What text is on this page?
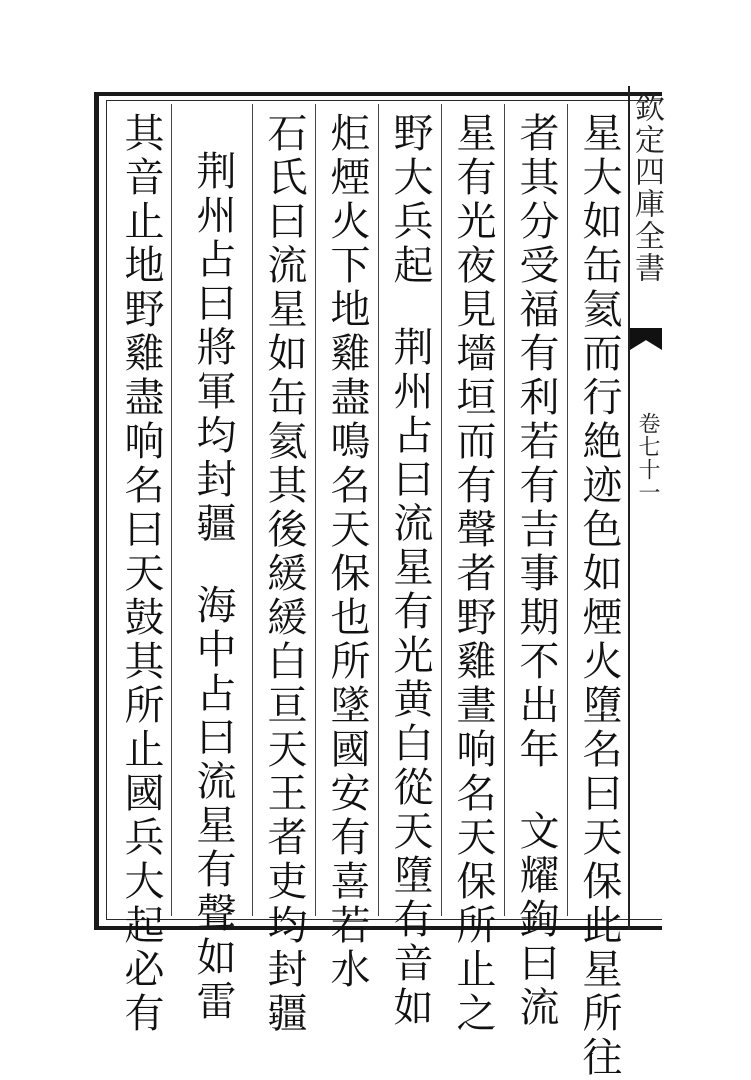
欽定四庫全書
卷七十一
星大如缶氦而行絶迹色如煙火墮名曰天保此星所往
者其分受福有利若有吉事期不出年文耀鉤曰流
星有光夜見墻垣而有聲者野雞晝响名天保所止之
野大兵起荆州占曰流星有光黄白從天墮有音如
炬煙火下地雞盡鳴名天保也所墜國安有喜若水
石氏曰流星如缶氦其後緩緩白亘天王者吏均封疆
荆州占曰將軍均封疆海中占曰流星有聲如雷
其音止地野雞盡响名曰天鼓其所止國兵大起必有
